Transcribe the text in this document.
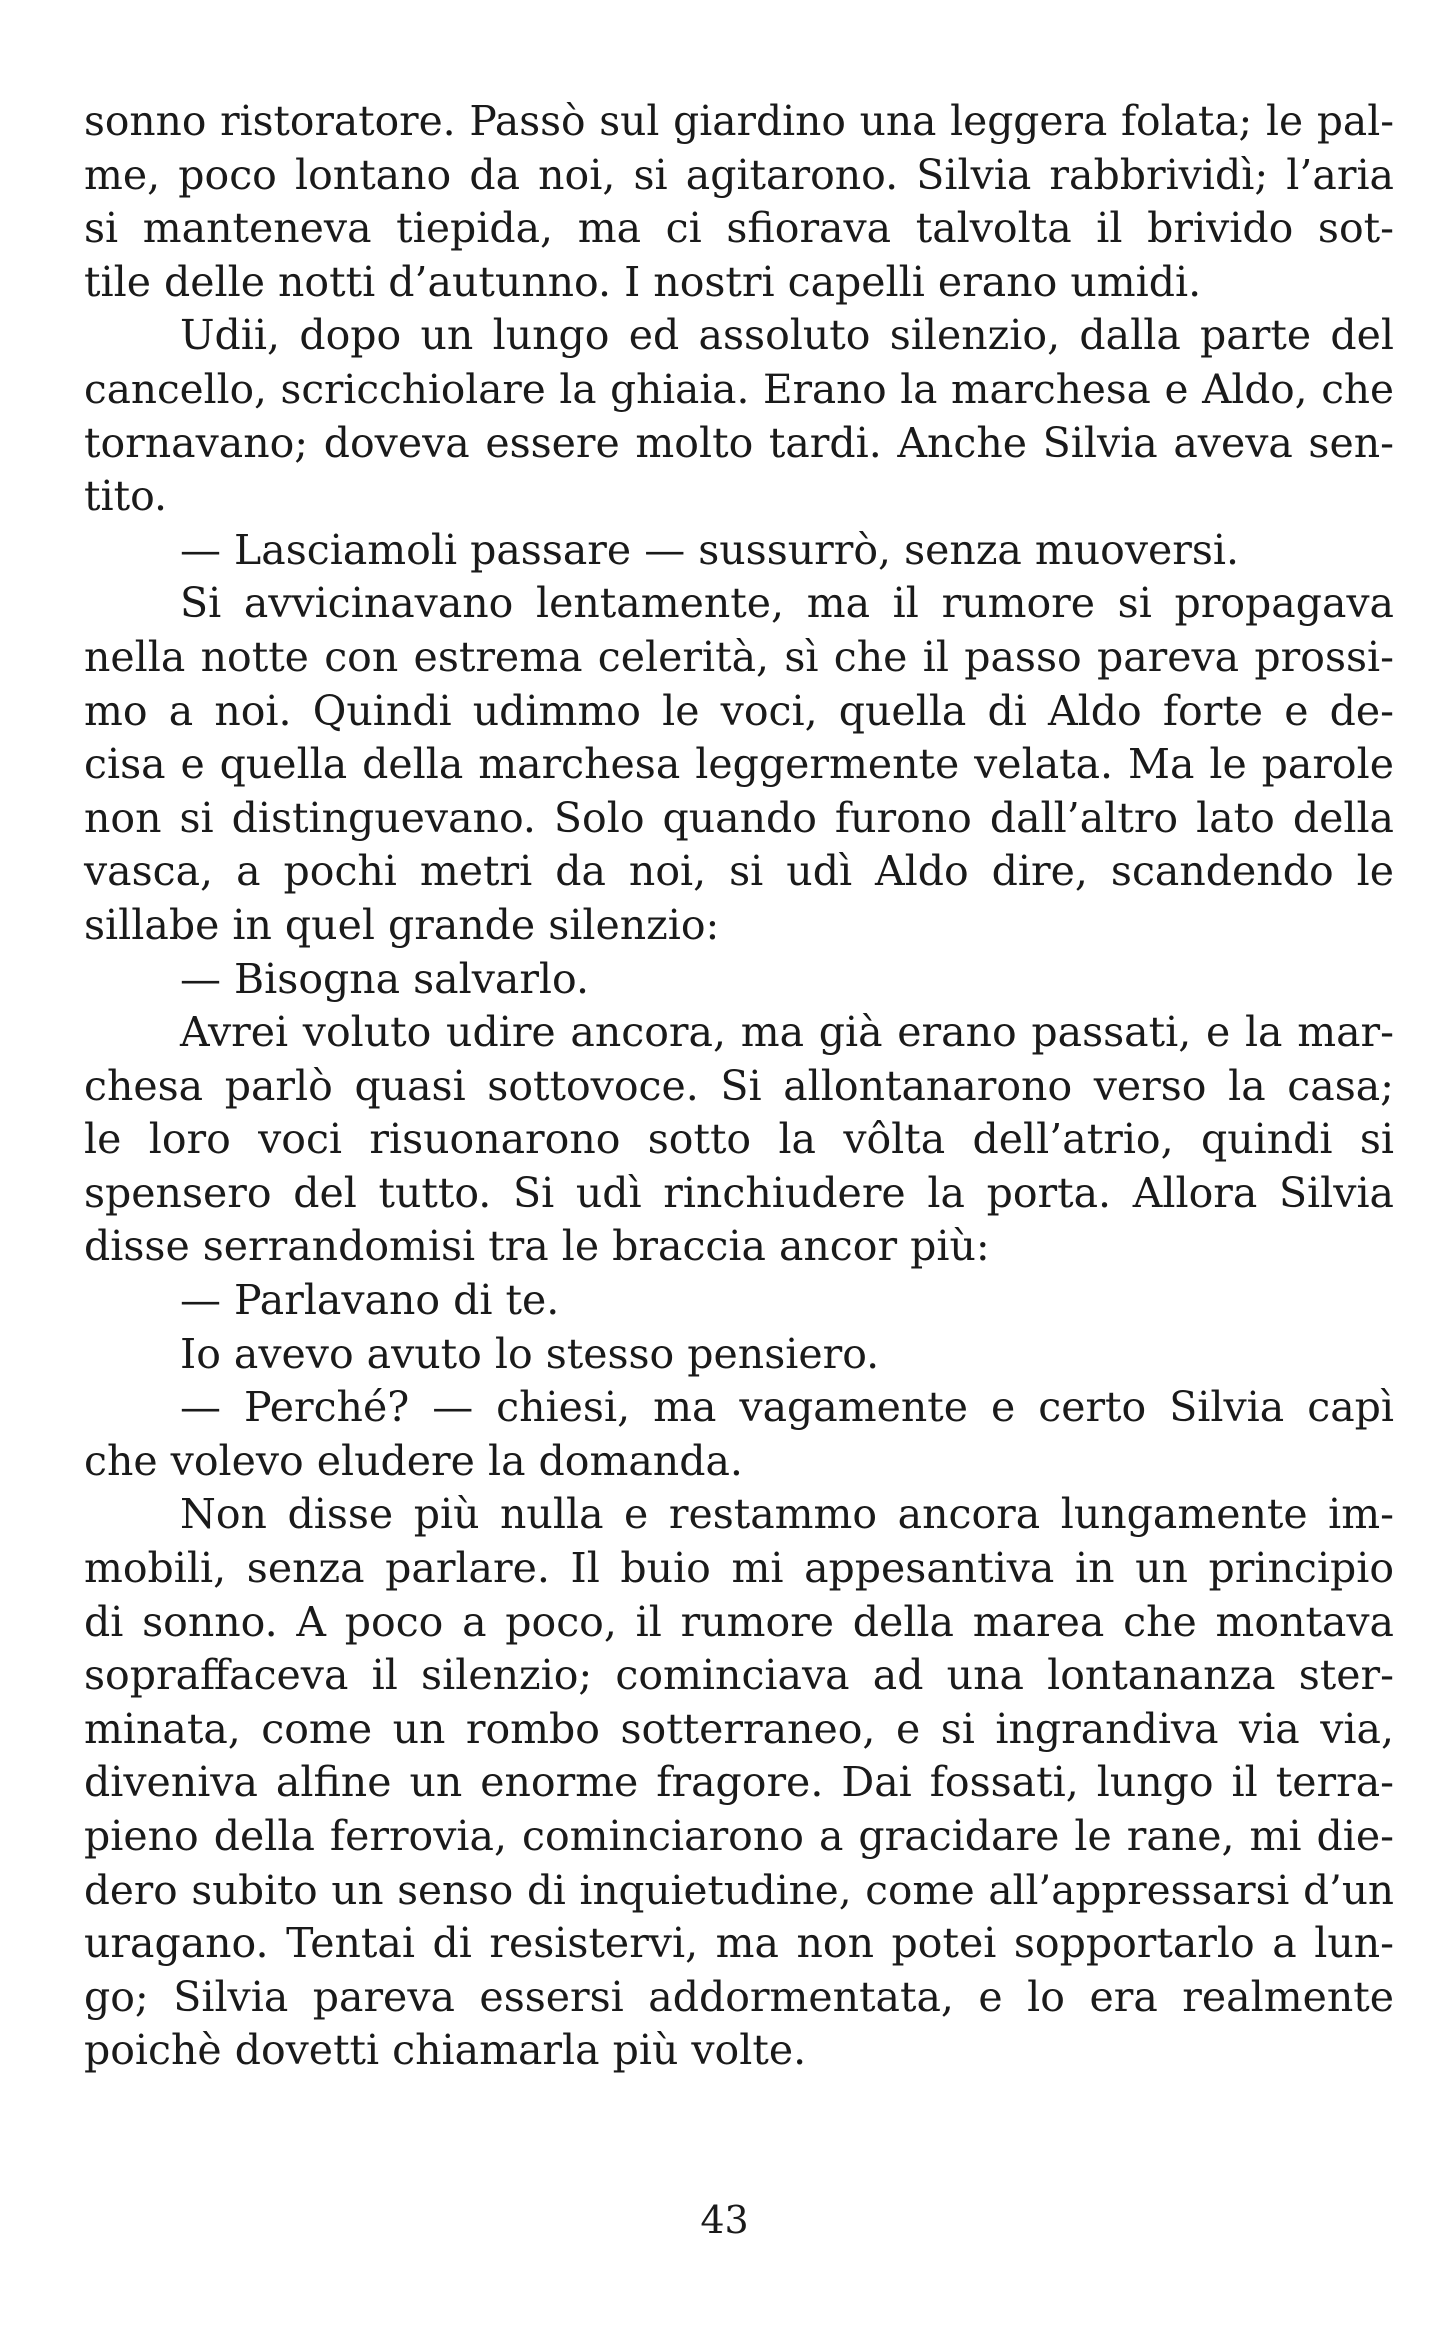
sonno ristoratore. Passò sul giardino una leggera folata; le pal-
me, poco lontano da noi, si agitarono. Silvia rabbrividì; l’aria
si manteneva tiepida, ma ci sfiorava talvolta il brivido sot-
tile delle notti d’autunno. I nostri capelli erano umidi.
Udii, dopo un lungo ed assoluto silenzio, dalla parte del
cancello, scricchiolare la ghiaia. Erano la marchesa e Aldo, che
tornavano; doveva essere molto tardi. Anche Silvia aveva sen-
tito.
— Lasciamoli passare — sussurrò, senza muoversi.
Si avvicinavano lentamente, ma il rumore si propagava
nella notte con estrema celerità, sì che il passo pareva prossi-
mo a noi. Quindi udimmo le voci, quella di Aldo forte e de-
cisa e quella della marchesa leggermente velata. Ma le parole
non si distinguevano. Solo quando furono dall’altro lato della
vasca, a pochi metri da noi, si udì Aldo dire, scandendo le
sillabe in quel grande silenzio:
— Bisogna salvarlo.
Avrei voluto udire ancora, ma già erano passati, e la mar-
chesa parlò quasi sottovoce. Si allontanarono verso la casa;
le loro voci risuonarono sotto la vôlta dell’atrio, quindi si
spensero del tutto. Si udì rinchiudere la porta. Allora Silvia
disse serrandomisi tra le braccia ancor più:
— Parlavano di te.
Io avevo avuto lo stesso pensiero.
— Perché? — chiesi, ma vagamente e certo Silvia capì
che volevo eludere la domanda.
Non disse più nulla e restammo ancora lungamente im-
mobili, senza parlare. Il buio mi appesantiva in un principio
di sonno. A poco a poco, il rumore della marea che montava
sopraffaceva il silenzio; cominciava ad una lontananza ster-
minata, come un rombo sotterraneo, e si ingrandiva via via,
diveniva alfine un enorme fragore. Dai fossati, lungo il terra-
pieno della ferrovia, cominciarono a gracidare le rane, mi die-
dero subito un senso di inquietudine, come all’appressarsi d’un
uragano. Tentai di resistervi, ma non potei sopportarlo a lun-
go; Silvia pareva essersi addormentata, e lo era realmente
poichè dovetti chiamarla più volte.
43
